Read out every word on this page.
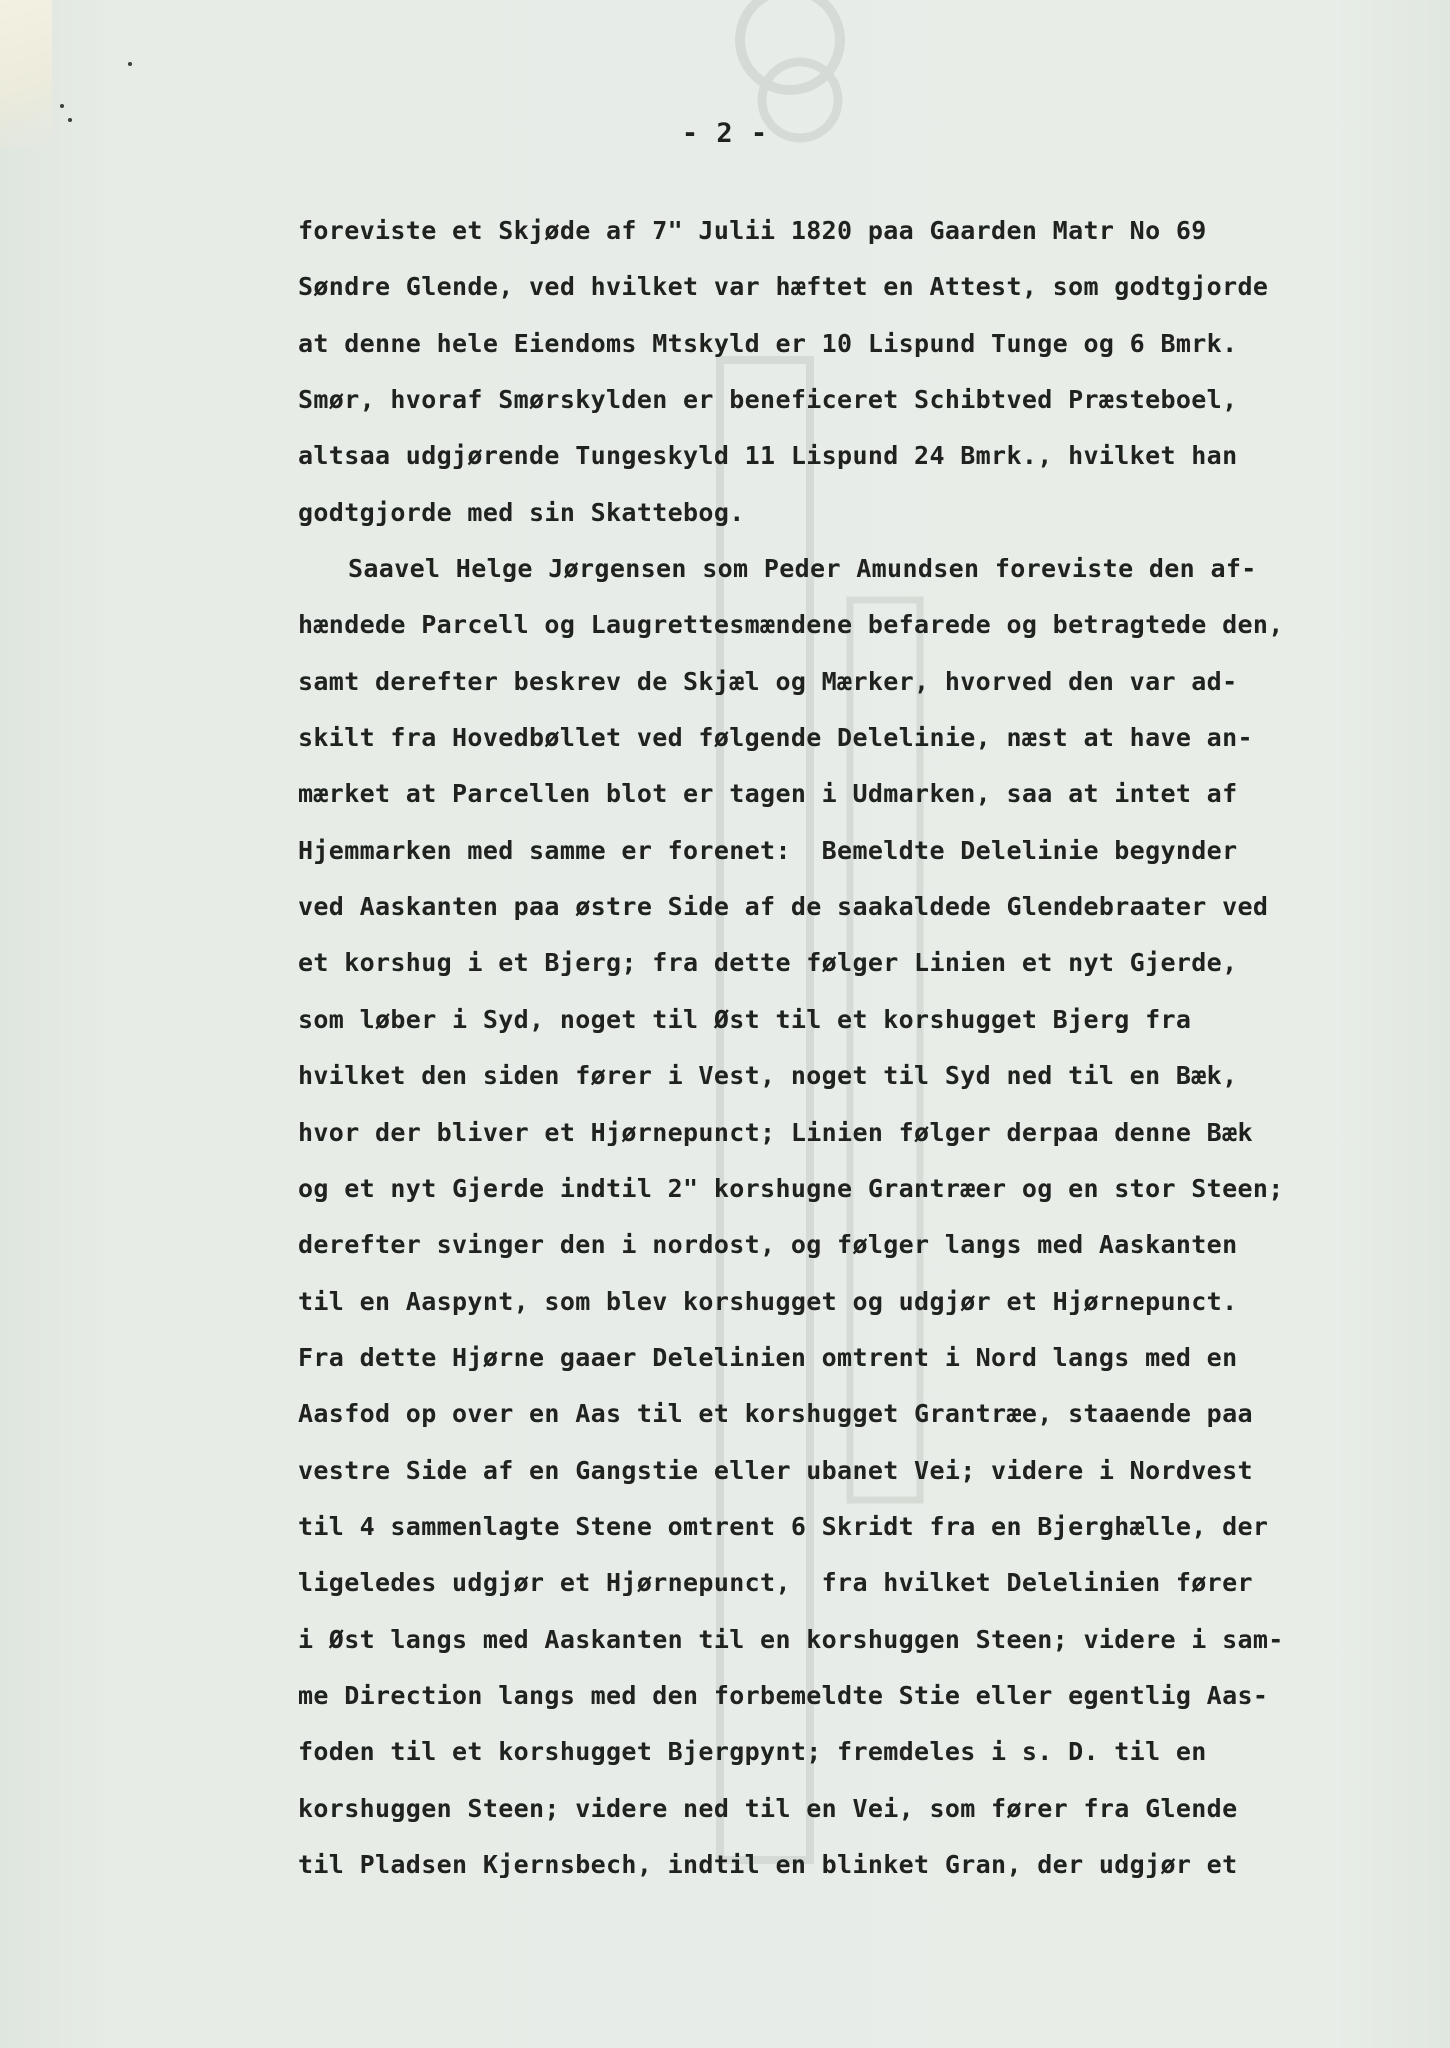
- 2 -
foreviste et Skjøde af 7" Julii 1820 paa Gaarden Matr No 69
Søndre Glende, ved hvilket var hæftet en Attest, som godtgjorde
at denne hele Eiendoms Mtskyld er 10 Lispund Tunge og 6 Bmrk.
Smør, hvoraf Smørskylden er beneficeret Schibtved Præsteboel,
altsaa udgjørende Tungeskyld 11 Lispund 24 Bmrk., hvilket han
godtgjorde med sin Skattebog.
Saavel Helge Jørgensen som Peder Amundsen foreviste den af-
hændede Parcell og Laugrettesmændene befarede og betragtede den,
samt derefter beskrev de Skjæl og Mærker, hvorved den var ad-
skilt fra Hovedbøllet ved følgende Delelinie, næst at have an-
mærket at Parcellen blot er tagen i Udmarken, saa at intet af
Hjemmarken med samme er forenet:  Bemeldte Delelinie begynder
ved Aaskanten paa østre Side af de saakaldede Glendebraater ved
et korshug i et Bjerg; fra dette følger Linien et nyt Gjerde,
som løber i Syd, noget til Øst til et korshugget Bjerg fra
hvilket den siden fører i Vest, noget til Syd ned til en Bæk,
hvor der bliver et Hjørnepunct; Linien følger derpaa denne Bæk
og et nyt Gjerde indtil 2" korshugne Grantræer og en stor Steen;
derefter svinger den i nordost, og følger langs med Aaskanten
til en Aaspynt, som blev korshugget og udgjør et Hjørnepunct.
Fra dette Hjørne gaaer Delelinien omtrent i Nord langs med en
Aasfod op over en Aas til et korshugget Grantræe, staaende paa
vestre Side af en Gangstie eller ubanet Vei; videre i Nordvest
til 4 sammenlagte Stene omtrent 6 Skridt fra en Bjerghælle, der
ligeledes udgjør et Hjørnepunct,  fra hvilket Delelinien fører
i Øst langs med Aaskanten til en korshuggen Steen; videre i sam-
me Direction langs med den forbemeldte Stie eller egentlig Aas-
foden til et korshugget Bjergpynt; fremdeles i s. D. til en
korshuggen Steen; videre ned til en Vei, som fører fra Glende
til Pladsen Kjernsbech, indtil en blinket Gran, der udgjør et
